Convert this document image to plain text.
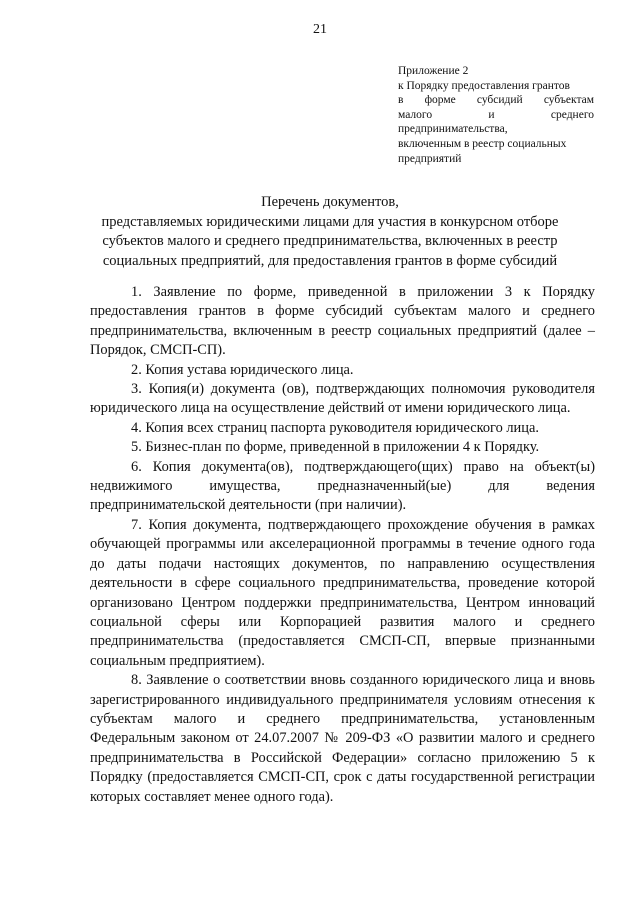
21
Приложение 2
к Порядку предоставления грантов
в форме субсидий субъектам
малого и среднего
предпринимательства,
включенным в реестр социальных
предприятий
Перечень документов,
представляемых юридическими лицами для участия в конкурсном отборе
субъектов малого и среднего предпринимательства, включенных в реестр
социальных предприятий, для предоставления грантов в форме субсидий

1. Заявление по форме, приведенной в приложении 3 к Порядку предоставления грантов в форме субсидий субъектам малого и среднего предпринимательства, включенным в реестр социальных предприятий (далее – Порядок, СМСП-СП).

2. Копия устава юридического лица.

3. Копия(и) документа (ов), подтверждающих полномочия руководителя юридического лица на осуществление действий от имени юридического лица.

4. Копия всех страниц паспорта руководителя юридического лица.

5. Бизнес-план по форме, приведенной в приложении 4 к Порядку.

6. Копия документа(ов), подтверждающего(щих) право на объект(ы) недвижимого имущества, предназначенный(ые) для ведения предпринимательской деятельности (при наличии).

7. Копия документа, подтверждающего прохождение обучения в рамках обучающей программы или акселерационной программы в течение одного года до даты подачи настоящих документов, по направлению осуществления деятельности в сфере социального предпринимательства, проведение которой организовано Центром поддержки предпринимательства, Центром инноваций социальной сферы или Корпорацией развития малого и среднего предпринимательства (предоставляется СМСП-СП, впервые признанными социальным предприятием).

8. Заявление о соответствии вновь созданного юридического лица и вновь зарегистрированного индивидуального предпринимателя условиям отнесения к субъектам малого и среднего предпринимательства, установленным Федеральным законом от 24.07.2007 № 209-ФЗ «О развитии малого и среднего предпринимательства в Российской Федерации» согласно приложению 5 к Порядку (предоставляется СМСП-СП, срок с даты государственной регистрации которых составляет менее одного года).
